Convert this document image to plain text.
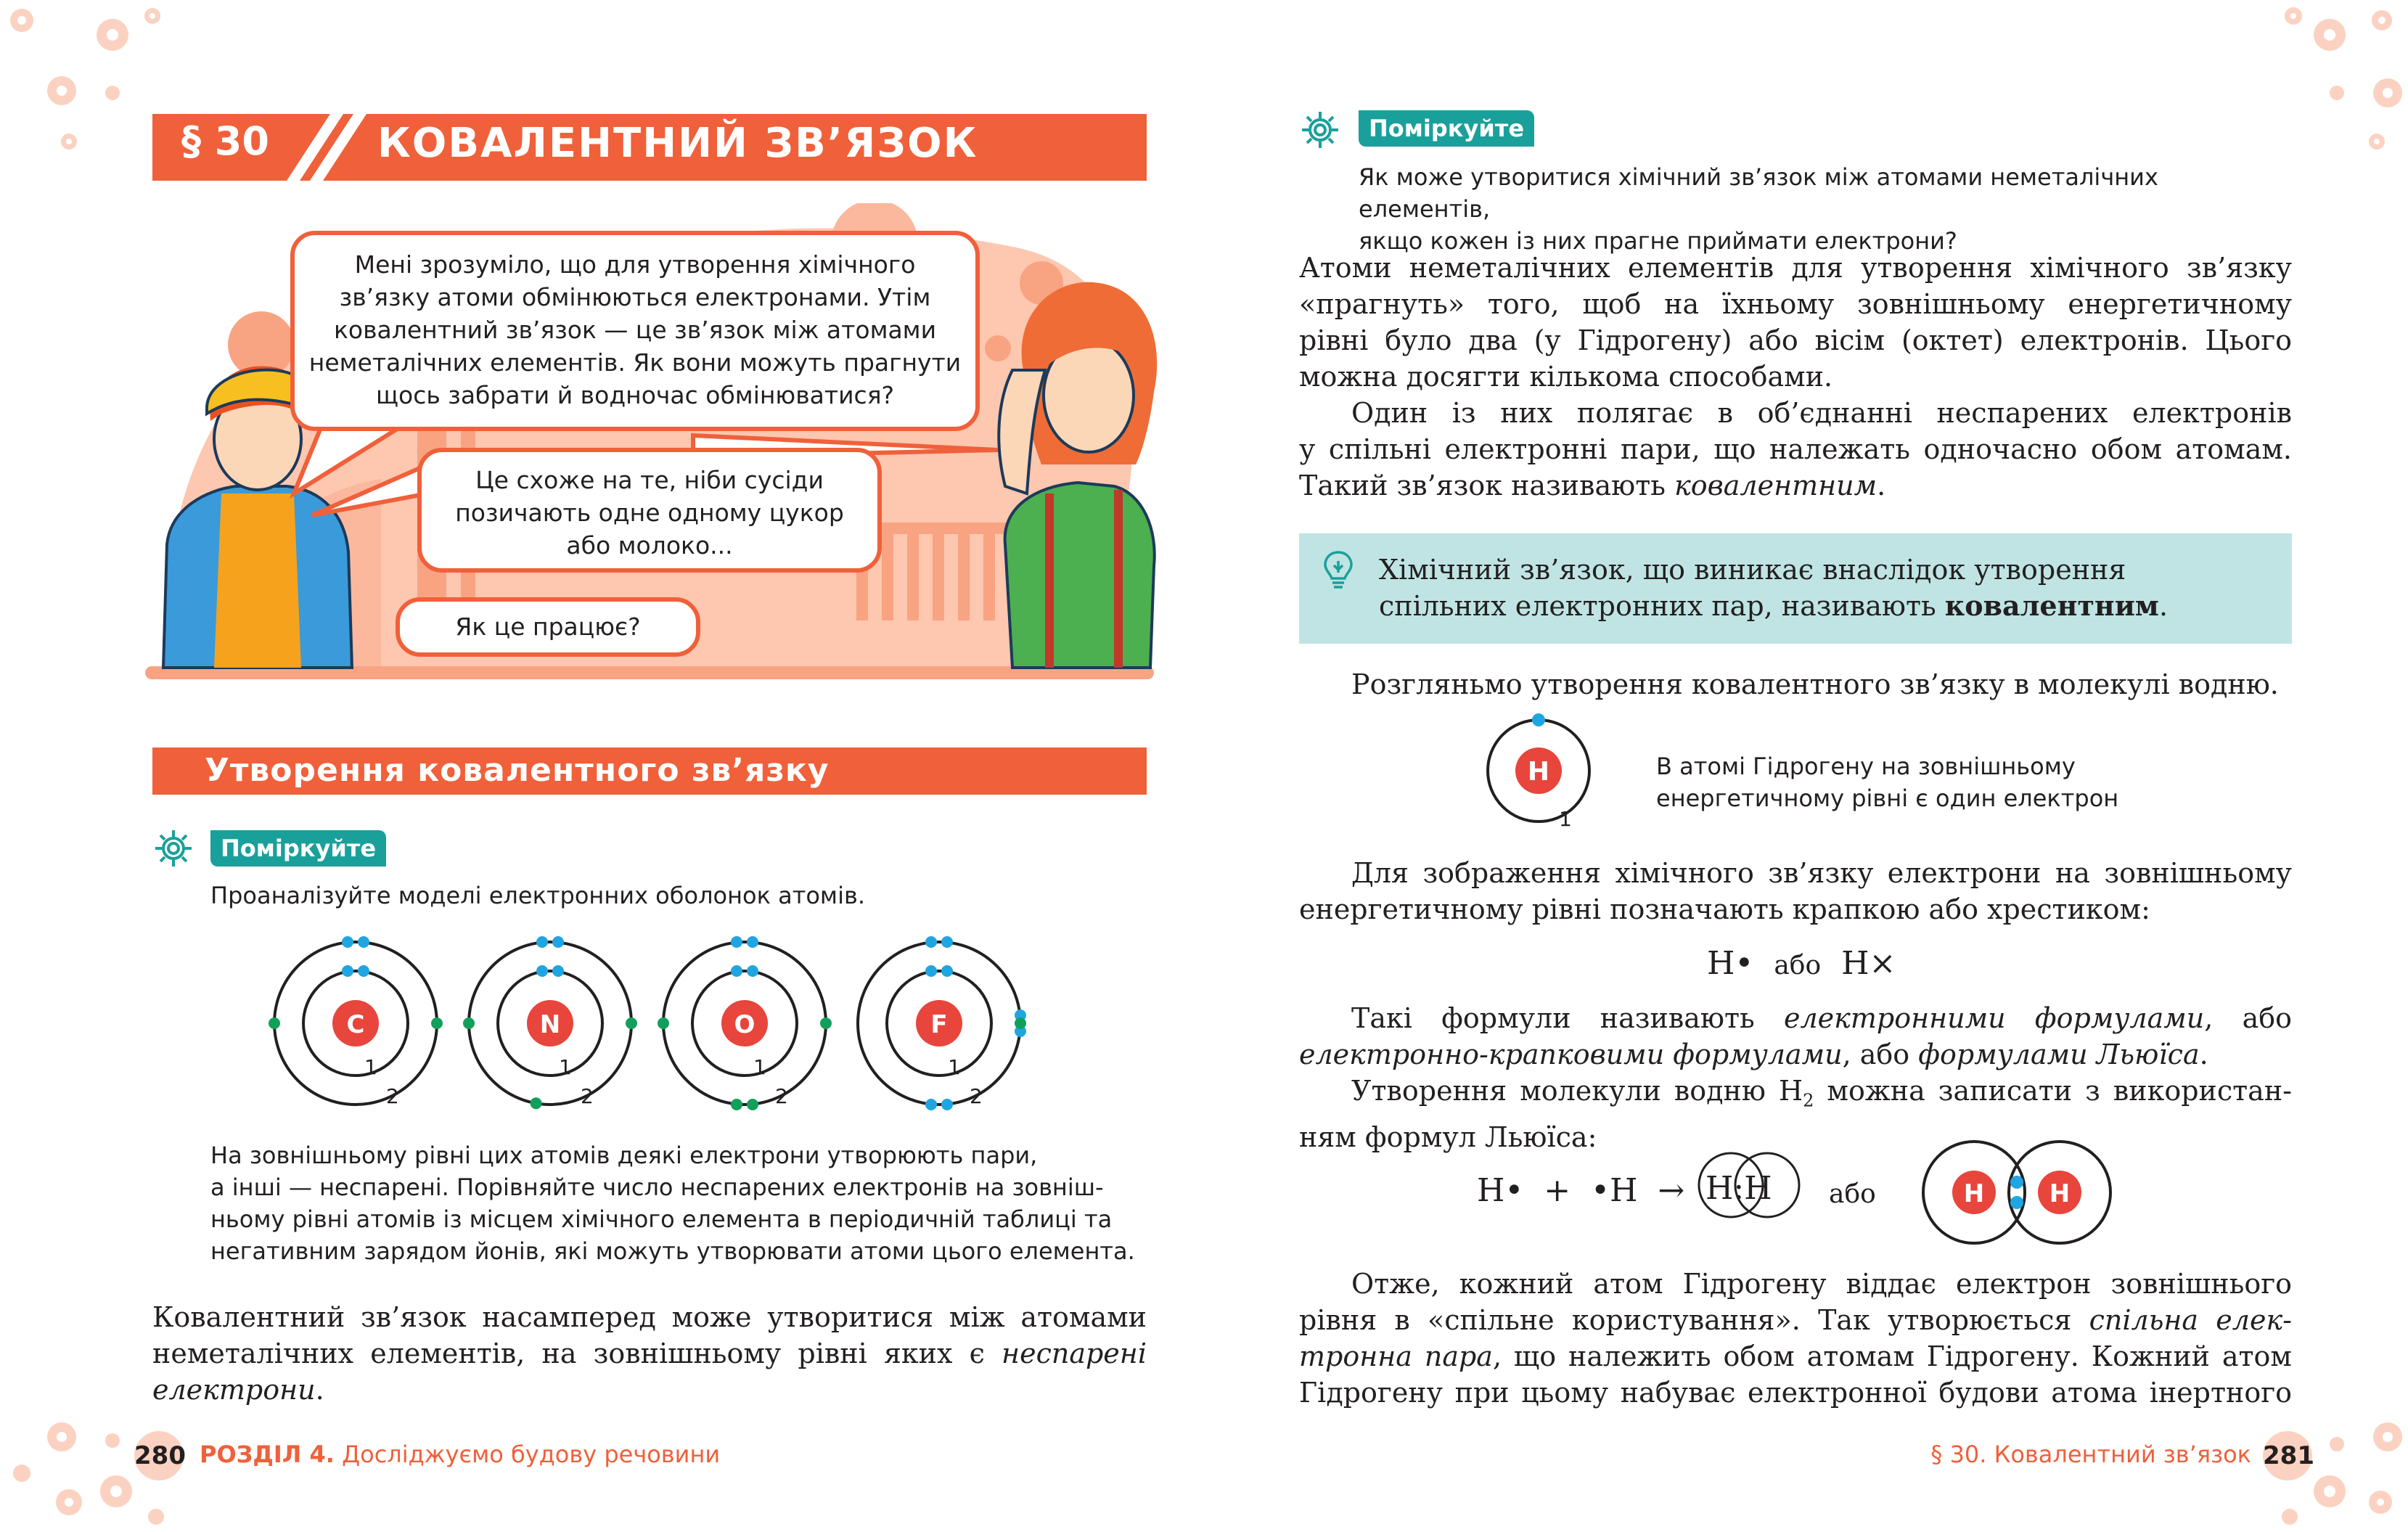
§ 30	КОВАЛЕНТНИЙ ЗВ’ЯЗОК
Мені зрозуміло, що для утворення хімічного
зв’язку атоми обмінюються електронами. Утім
ковалентний зв’язок — це зв’язок між атомами
неметалічних елементів. Як вони можуть прагнути
щось забрати й водночас обмінюватися?
Це схоже на те, ніби сусіди
позичають одне одному цукор
або молоко...
Як це працює?
Утворення ковалентного зв’язку
Поміркуйте
Проаналізуйте моделі електронних оболонок атомів.
C
1
2
N
1
2
O
1
2
F
1
2
На зовнішньому рівні цих атомів деякі електрони утворюють пари,
а інші — неспарені. Порівняйте число неспарених електронів на зовніш-
ньому рівні атомів із місцем хімічного елемента в періодичній таблиці та
негативним зарядом йонів, які можуть утворювати атоми цього елемента.
Ковалентний зв’язок насамперед може утворитися між атомами
неметалічних елементів, на зовнішньому рівні яких є неспарені
електрони.
280 РОЗДІЛ 4. Досліджуємо будову речовини
Поміркуйте
Як може утворитися хімічний зв’язок між атомами неметалічних елементів,
якщо кожен із них прагне приймати електрони?
Атоми неметалічних елементів для утворення хімічного зв’язку
«прагнуть» того, щоб на їхньому зовнішньому енергетичному
рівні було два (у Гідрогену) або вісім (октет) електронів. Цього
можна досягти кількома способами.
Один із них полягає в об’єднанні неспарених електронів
у спільні електронні пари, що належать одночасно обом атомам.
Такий зв’язок називають ковалентним.
Хімічний зв’язок, що виникає внаслідок утворення
спільних електронних пар, називають ковалентним.
Розгляньмо утворення ковалентного зв’язку в молекулі водню.
H
1
В атомі Гідрогену на зовнішньому
енергетичному рівні є один електрон
Для зображення хімічного зв’язку електрони на зовнішньому
енергетичному рівні позначають крапкою або хрестиком:
H• або H×
Такі формули називають електронними формулами, або
електронно-крапковими формулами, або формулами Льюїса.
Утворення молекули водню $H_2$ можна записати з використан-
ням формул Льюїса:
H•  +  •H  → H:H або	H	H
Отже, кожний атом Гідрогену віддає електрон зовнішнього
рівня в «спільне користування». Так утворюється спільна елек-
тронна пара, що належить обом атомам Гідрогену. Кожний атом
Гідрогену при цьому набуває електронної будови атома інертного
§ 30. Ковалентний зв’язок 281
